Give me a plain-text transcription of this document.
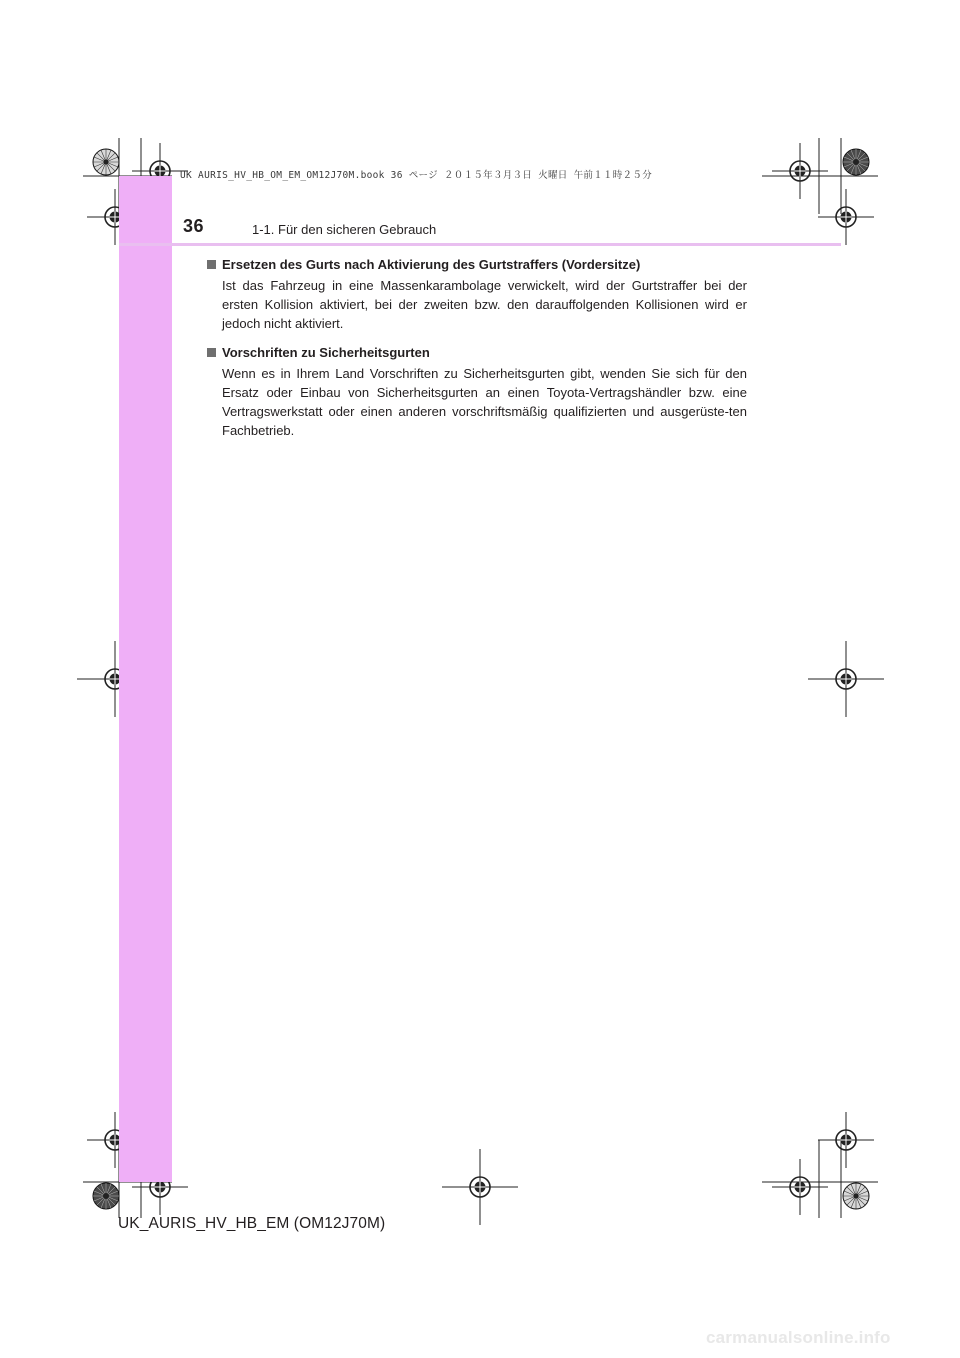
UK AURIS_HV_HB_OM_EM_OM12J70M.book 36 ページ ２０１５年３月３日 火曜日 午前１１時２５分
36	1-1. Für den sicheren Gebrauch
Ersetzen des Gurts nach Aktivierung des Gurtstraffers (Vordersitze)
Ist das Fahrzeug in eine Massenkarambolage verwickelt, wird der Gurtstraffer bei der ersten Kollision aktiviert, bei der zweiten bzw. den darauffolgenden Kollisionen wird er jedoch nicht aktiviert.
Vorschriften zu Sicherheitsgurten
Wenn es in Ihrem Land Vorschriften zu Sicherheitsgurten gibt, wenden Sie sich für den Ersatz oder Einbau von Sicherheitsgurten an einen Toyota-Vertragshändler bzw. eine Vertragswerkstatt oder einen anderen vorschriftsmäßig qualifizierten und ausgerüste-ten Fachbetrieb.
UK_AURIS_HV_HB_EM (OM12J70M)
carmanualsonline.info
